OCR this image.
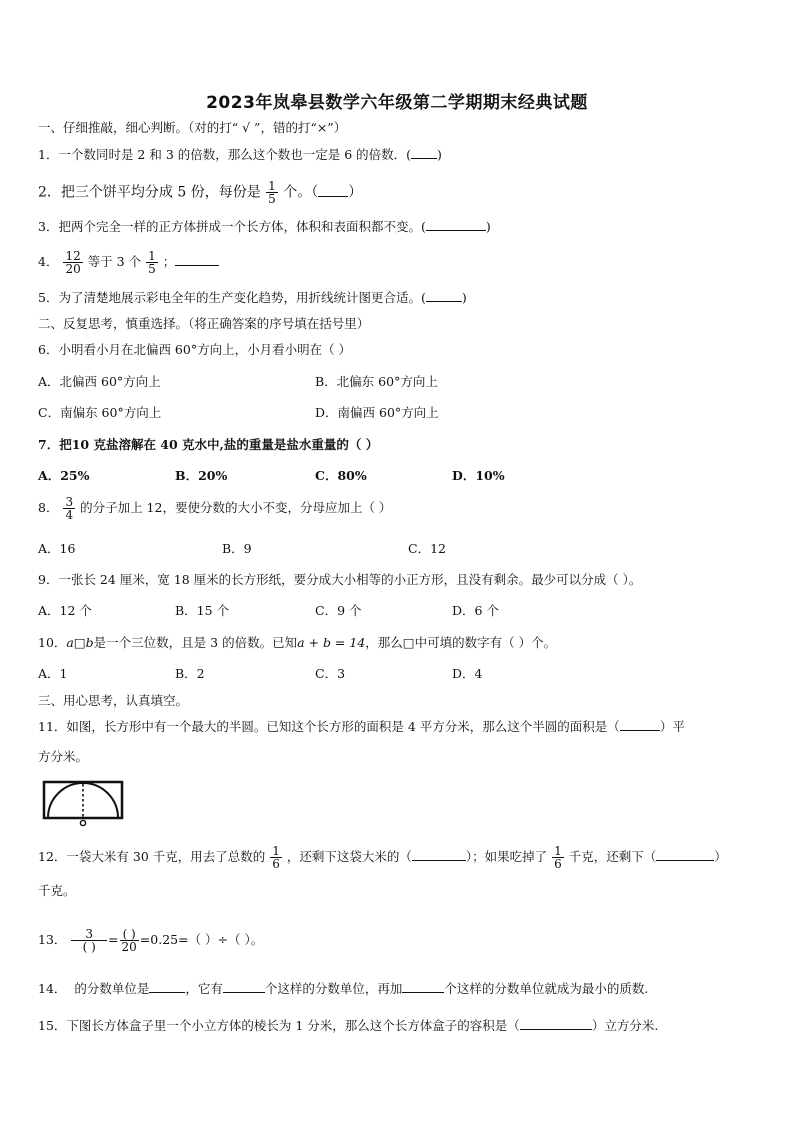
2023年岚皋县数学六年级第二学期期末经典试题
一、仔细推敲，细心判断。（对的打“ √ ”，错的打“×”）
1．一个数同时是 2 和 3 的倍数，那么这个数也一定是 6 的倍数．( )
2．把三个饼平均分成 5 份，每份是 $\frac{1}{5}$ 个。（ ）
3．把两个完全一样的正方体拼成一个长方体，体积和表面积都不变。(	)
4． $\frac{12}{20}$ 等于 3 个 $\frac{1}{5}$ ；
5．为了清楚地展示彩电全年的生产变化趋势，用折线统计图更合适。(	)
二、反复思考，慎重选择。（将正确答案的序号填在括号里）
6．小明看小月在北偏西 60°方向上，小月看小明在（ ）
A．北偏西 60°方向上	B．北偏东 60°方向上
C．南偏东 60°方向上	D．南偏西 60°方向上
7．把10 克盐溶解在 40 克水中,盐的重量是盐水重量的（ ）
A．25%	B．20%	C．80%	D．10%
8． $\frac{3}{4}$ 的分子加上 12，要使分数的大小不变，分母应加上（ ）
A．16	B．9	C．12
9．一张长 24 厘米，宽 18 厘米的长方形纸，要分成大小相等的小正方形，且没有剩余。最少可以分成（ ）。
A．12 个	B．15 个	C．9 个	D．6 个
10．a□b是一个三位数，且是 3 的倍数。已知a + b = 14，那么□中可填的数字有（ ）个。
A．1	B．2	C．3	D．4
三、用心思考，认真填空。
11．如图，长方形中有一个最大的半圆。已知这个长方形的面积是 4 平方分米，那么这个半圆的面积是（	）平
方分米。
12．一袋大米有 30 千克，用去了总数的 $\frac{1}{6}$ ，还剩下这袋大米的（	）；如果吃掉了 $\frac{1}{6}$ 千克，还剩下（	）
千克。
13． $\frac{3}{( )} = \frac{( )}{20} =0.25=$（ ）÷（ ）。
14． 的分数单位是	，它有	个这样的分数单位，再加	个这样的分数单位就成为最小的质数.
15．下图长方体盒子里一个小立方体的棱长为 1 分米，那么这个长方体盒子的容积是（	）立方分米.
